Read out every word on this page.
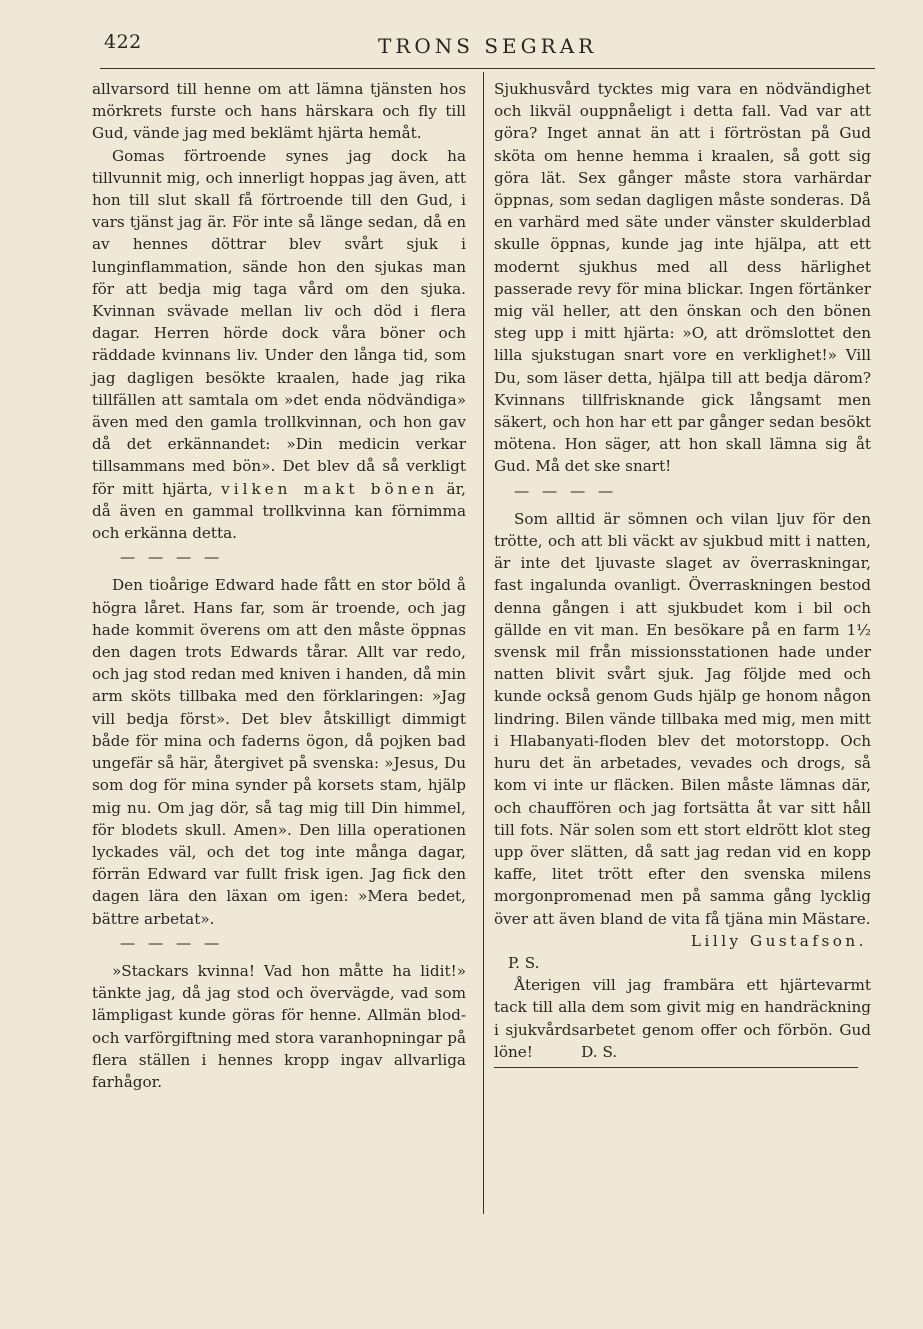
422	TRONS SEGRAR

allvarsord till henne om att lämna tjänsten hos mörkrets furste och hans härskara och fly till Gud, vände jag med beklämt hjärta hemåt.

Gomas förtroende synes jag dock ha tillvunnit mig, och innerligt hoppas jag även, att hon till slut skall få förtroende till den Gud, i vars tjänst jag är. För inte så länge sedan, då en av hennes döttrar blev svårt sjuk i lunginflammation, sände hon den sjukas man för att bedja mig taga vård om den sjuka. Kvinnan svävade mellan liv och död i flera dagar. Herren hörde dock våra böner och räddade kvinnans liv. Under den långa tid, som jag dagligen besökte kraalen, hade jag rika tillfällen att samtala om »det enda nödvändiga» även med den gamla trollkvinnan, och hon gav då det erkännandet: »Din medicin verkar tillsammans med bön». Det blev då så verkligt för mitt hjärta, vilken makt bönen är, då även en gammal trollkvinna kan förnimma och erkänna detta.

— — — —

Den tioårige Edward hade fått en stor böld å högra låret. Hans far, som är troende, och jag hade kommit överens om att den måste öppnas den dagen trots Edwards tårar. Allt var redo, och jag stod redan med kniven i handen, då min arm sköts tillbaka med den förklaringen: »Jag vill bedja först». Det blev åtskilligt dimmigt både för mina och faderns ögon, då pojken bad ungefär så här, återgivet på svenska: »Jesus, Du som dog för mina synder på korsets stam, hjälp mig nu. Om jag dör, så tag mig till Din himmel, för blodets skull. Amen». Den lilla operationen lyckades väl, och det tog inte många dagar, förrän Edward var fullt frisk igen. Jag fick den dagen lära den läxan om igen: »Mera bedet, bättre arbetat».

— — — —

»Stackars kvinna! Vad hon måtte ha lidit!» tänkte jag, då jag stod och övervägde, vad som lämpligast kunde göras för henne. Allmän blod- och varförgiftning med stora varanhopningar på flera ställen i hennes kropp ingav allvarliga farhågor.

Sjukhusvård tycktes mig vara en nödvändighet och likväl ouppnåeligt i detta fall. Vad var att göra? Inget annat än att i förtröstan på Gud sköta om henne hemma i kraalen, så gott sig göra lät. Sex gånger måste stora varhärdar öppnas, som sedan dagligen måste sonderas. Då en varhärd med säte under vänster skulderblad skulle öppnas, kunde jag inte hjälpa, att ett modernt sjukhus med all dess härlighet passerade revy för mina blickar. Ingen förtänker mig väl heller, att den önskan och den bönen steg upp i mitt hjärta: »O, att drömslottet den lilla sjukstugan snart vore en verklighet!» Vill Du, som läser detta, hjälpa till att bedja därom? Kvinnans tillfrisknande gick långsamt men säkert, och hon har ett par gånger sedan besökt mötena. Hon säger, att hon skall lämna sig åt Gud. Må det ske snart!

— — — —

Som alltid är sömnen och vilan ljuv för den trötte, och att bli väckt av sjukbud mitt i natten, är inte det ljuvaste slaget av överraskningar, fast ingalunda ovanligt. Överraskningen bestod denna gången i att sjukbudet kom i bil och gällde en vit man. En besökare på en farm 1½ svensk mil från missionsstationen hade under natten blivit svårt sjuk. Jag följde med och kunde också genom Guds hjälp ge honom någon lindring. Bilen vände tillbaka med mig, men mitt i Hlabanyati-floden blev det motorstopp. Och huru det än arbetades, vevades och drogs, så kom vi inte ur fläcken. Bilen måste lämnas där, och chauffören och jag fortsätta åt var sitt håll till fots. När solen som ett stort eldrött klot steg upp över slätten, då satt jag redan vid en kopp kaffe, litet trött efter den svenska milens morgonpromenad men på samma gång lycklig över att även bland de vita få tjäna min Mästare.

Lilly Gustafson.

P. S.

Återigen vill jag frambära ett hjärtevarmt tack till alla dem som givit mig en handräckning i sjukvårdsarbetet genom offer och förbön. Gud löne!	D. S.
